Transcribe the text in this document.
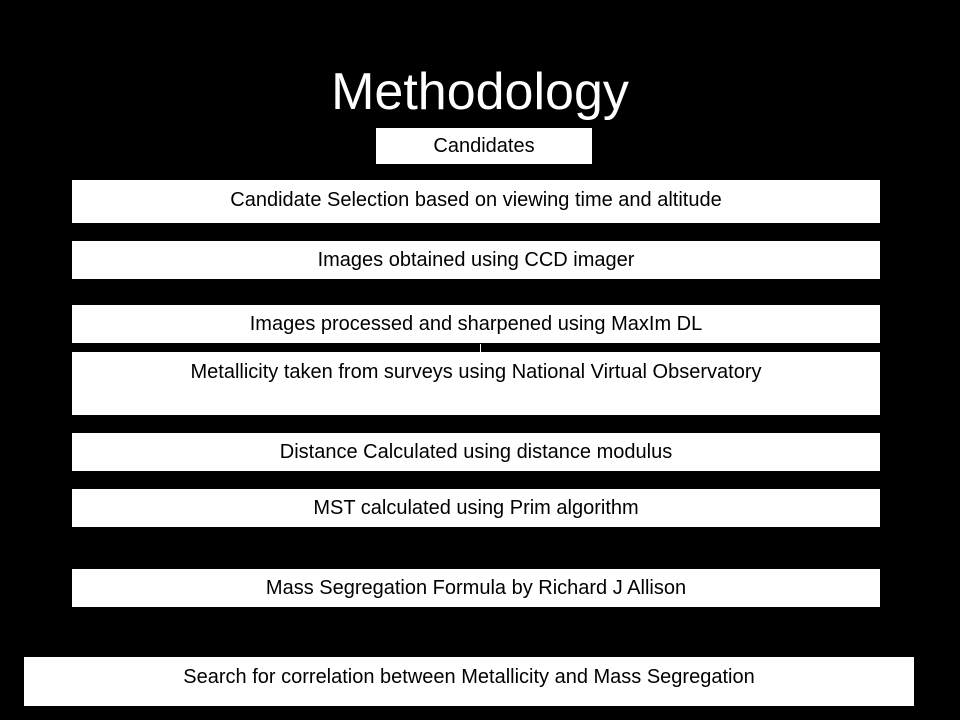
Methodology
Candidates
Candidate Selection based on viewing time and altitude
Images obtained using CCD imager
Images processed and sharpened using MaxIm DL
Metallicity taken from surveys using National Virtual Observatory
Distance Calculated using distance modulus
MST calculated using Prim algorithm
Mass Segregation Formula by Richard J Allison
Search for correlation between Metallicity and Mass Segregation
